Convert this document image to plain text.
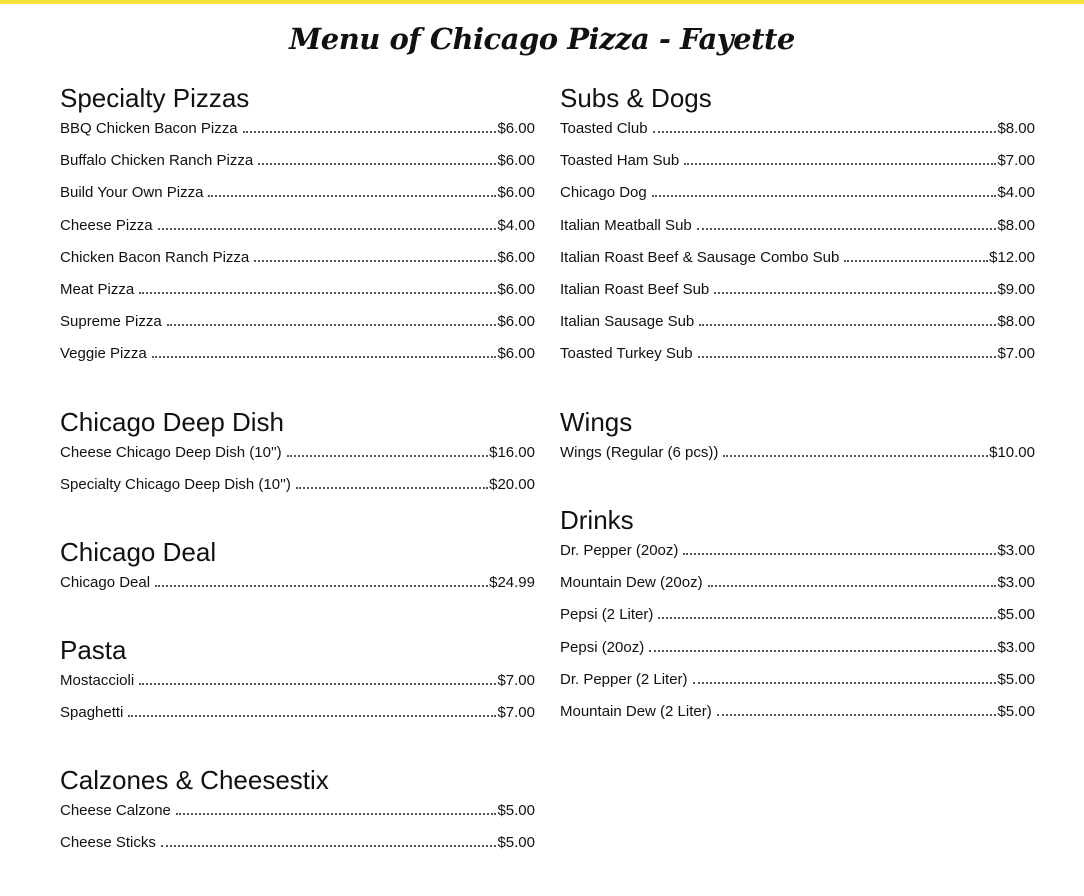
Menu of Chicago Pizza - Fayette
Specialty Pizzas
BBQ Chicken Bacon Pizza	$6.00
Buffalo Chicken Ranch Pizza	$6.00
Build Your Own Pizza	$6.00
Cheese Pizza	$4.00
Chicken Bacon Ranch Pizza	$6.00
Meat Pizza	$6.00
Supreme Pizza	$6.00
Veggie Pizza	$6.00
Chicago Deep Dish
Cheese Chicago Deep Dish (10'')	$16.00
Specialty Chicago Deep Dish (10'')	$20.00
Chicago Deal
Chicago Deal	$24.99
Pasta
Mostaccioli	$7.00
Spaghetti	$7.00
Calzones & Cheesestix
Cheese Calzone	$5.00
Cheese Sticks	$5.00
Subs & Dogs
Toasted Club	$8.00
Toasted Ham Sub	$7.00
Chicago Dog	$4.00
Italian Meatball Sub	$8.00
Italian Roast Beef & Sausage Combo Sub	$12.00
Italian Roast Beef Sub	$9.00
Italian Sausage Sub	$8.00
Toasted Turkey Sub	$7.00
Wings
Wings (Regular (6 pcs))	$10.00
Drinks
Dr. Pepper (20oz)	$3.00
Mountain Dew (20oz)	$3.00
Pepsi (2 Liter)	$5.00
Pepsi (20oz)	$3.00
Dr. Pepper (2 Liter)	$5.00
Mountain Dew (2 Liter)	$5.00
